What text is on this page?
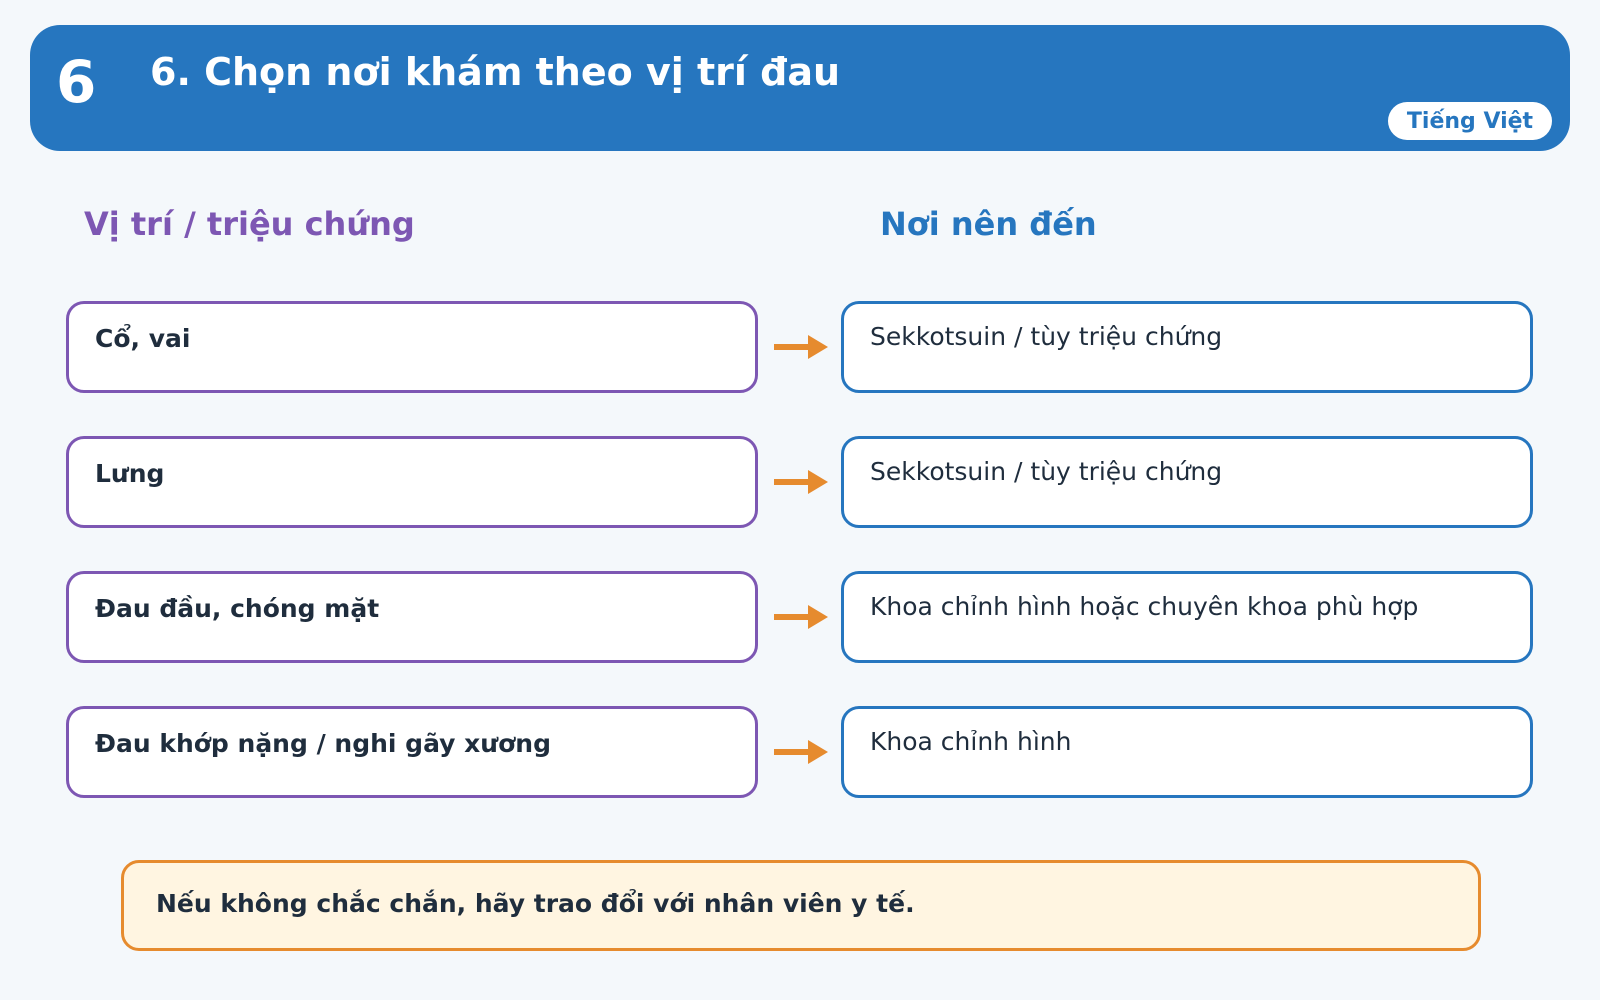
6 6. Chọn nơi khám theo vị trí đau
Tiếng Việt
Vị trí / triệu chứng	Nơi nên đến
Cổ, vai	Sekkotsuin / tùy triệu chứng
Lưng	Sekkotsuin / tùy triệu chứng
Đau đầu, chóng mặt	Khoa chỉnh hình hoặc chuyên khoa phù hợp
Đau khớp nặng / nghi gãy xương	Khoa chỉnh hình
Nếu không chắc chắn, hãy trao đổi với nhân viên y tế.
